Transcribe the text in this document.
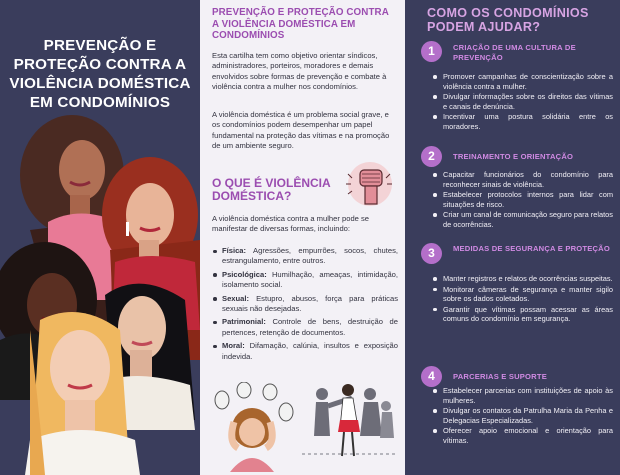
PREVENÇÃO E PROTEÇÃO CONTRA A VIOLÊNCIA DOMÉSTICA EM CONDOMÍNIOS
PREVENÇÃO E PROTEÇÃO CONTRA A VIOLÊNCIA DOMÉSTICA EM CONDOMÍNIOS

Esta cartilha tem como objetivo orientar síndicos, administradores, porteiros, moradores e demais envolvidos sobre formas de prevenção e combate à violência contra a mulher nos condomínios.

A violência doméstica é um problema social grave, e os condomínios podem desempenhar um papel fundamental na proteção das vítimas e na promoção de um ambiente seguro.

O QUE É VIOLÊNCIA DOMÉSTICA?

A violência doméstica contra a mulher pode se manifestar de diversas formas, incluindo:

Física: Agressões, empurrões, socos, chutes, estrangulamento, entre outros.
Psicológica: Humilhação, ameaças, intimidação, isolamento social.
Sexual: Estupro, abusos, força para práticas sexuais não desejadas.
Patrimonial: Controle de bens, destruição de pertences, retenção de documentos.
Moral: Difamação, calúnia, insultos e exposição indevida.
COMO OS CONDOMÍNIOS PODEM AJUDAR?
1	CRIAÇÃO DE UMA CULTURA DE PREVENÇÃO
Promover campanhas de conscientização sobre a violência contra a mulher.
Divulgar informações sobre os direitos das vítimas e canais de denúncia.
Incentivar uma postura solidária entre os moradores.
2	TREINAMENTO E ORIENTAÇÃO
Capacitar funcionários do condomínio para reconhecer sinais de violência.
Estabelecer protocolos internos para lidar com situações de risco.
Criar um canal de comunicação seguro para relatos de ocorrências.
3	MEDIDAS DE SEGURANÇA E PROTEÇÃO
Manter registros e relatos de ocorrências suspeitas.
Monitorar câmeras de segurança e manter sigilo sobre os dados coletados.
Garantir que vítimas possam acessar as áreas comuns do condomínio em segurança.
4	PARCERIAS E SUPORTE
Estabelecer parcerias com instituições de apoio às mulheres.
Divulgar os contatos da Patrulha Maria da Penha e Delegacias Especializadas.
Oferecer apoio emocional e orientação para vítimas.
